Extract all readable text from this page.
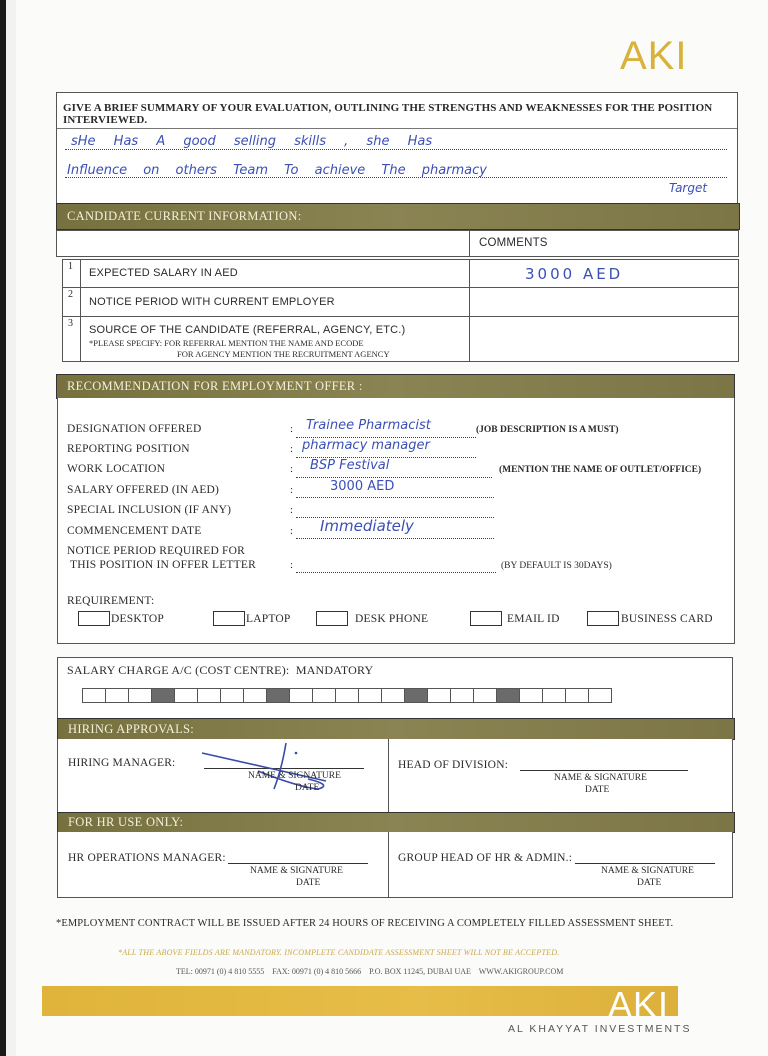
AKI
GIVE A BRIEF SUMMARY OF YOUR EVALUATION, OUTLINING THE STRENGTHS AND WEAKNESSES FOR THE POSITION INTERVIEWED.
sHe Has A good selling skills , she Has
Influence on others Team To achieve The pharmacy
Target
CANDIDATE CURRENT INFORMATION:
COMMENTS
1
EXPECTED SALARY IN AED	3000 AED
2
NOTICE PERIOD WITH CURRENT EMPLOYER
3
SOURCE OF THE CANDIDATE (REFERRAL, AGENCY, ETC.)
*PLEASE SPECIFY: FOR REFERRAL MENTION THE NAME AND ECODE
FOR AGENCY MENTION THE RECRUITMENT AGENCY
RECOMMENDATION FOR EMPLOYMENT OFFER :
DESIGNATION OFFERED	: Trainee Pharmacist	(JOB DESCRIPTION IS A MUST)
REPORTING POSITION	: pharmacy manager
WORK LOCATION	: BSP Festival	(MENTION THE NAME OF OUTLET/OFFICE)
SALARY OFFERED (IN AED)	:	3000 AED
SPECIAL INCLUSION (IF ANY)	:
COMMENCEMENT DATE	: Immediately
NOTICE PERIOD REQUIRED FOR
THIS POSITION IN OFFER LETTER	:	(BY DEFAULT IS 30DAYS)
REQUIREMENT:
DESKTOP	LAPTOP	DESK PHONE	EMAIL ID	BUSINESS CARD
SALARY CHARGE A/C (COST CENTRE):  MANDATORY
HIRING APPROVALS:
HIRING MANAGER:
NAME & SIGNATURE
DATE
HEAD OF DIVISION:
NAME & SIGNATURE
DATE
FOR HR USE ONLY:
HR OPERATIONS MANAGER:
NAME & SIGNATURE
DATE
GROUP HEAD OF HR & ADMIN.:
NAME & SIGNATURE
DATE
*EMPLOYMENT CONTRACT WILL BE ISSUED AFTER 24 HOURS OF RECEIVING A COMPLETELY FILLED ASSESSMENT SHEET.
*ALL THE ABOVE FIELDS ARE MANDATORY. INCOMPLETE CANDIDATE ASSESSMENT SHEET WILL NOT BE ACCEPTED.
TEL: 00971 (0) 4 810 5555    FAX: 00971 (0) 4 810 5666    P.O. BOX 11245, DUBAI UAE    WWW.AKIGROUP.COM
AKI
AL KHAYYAT INVESTMENTS
